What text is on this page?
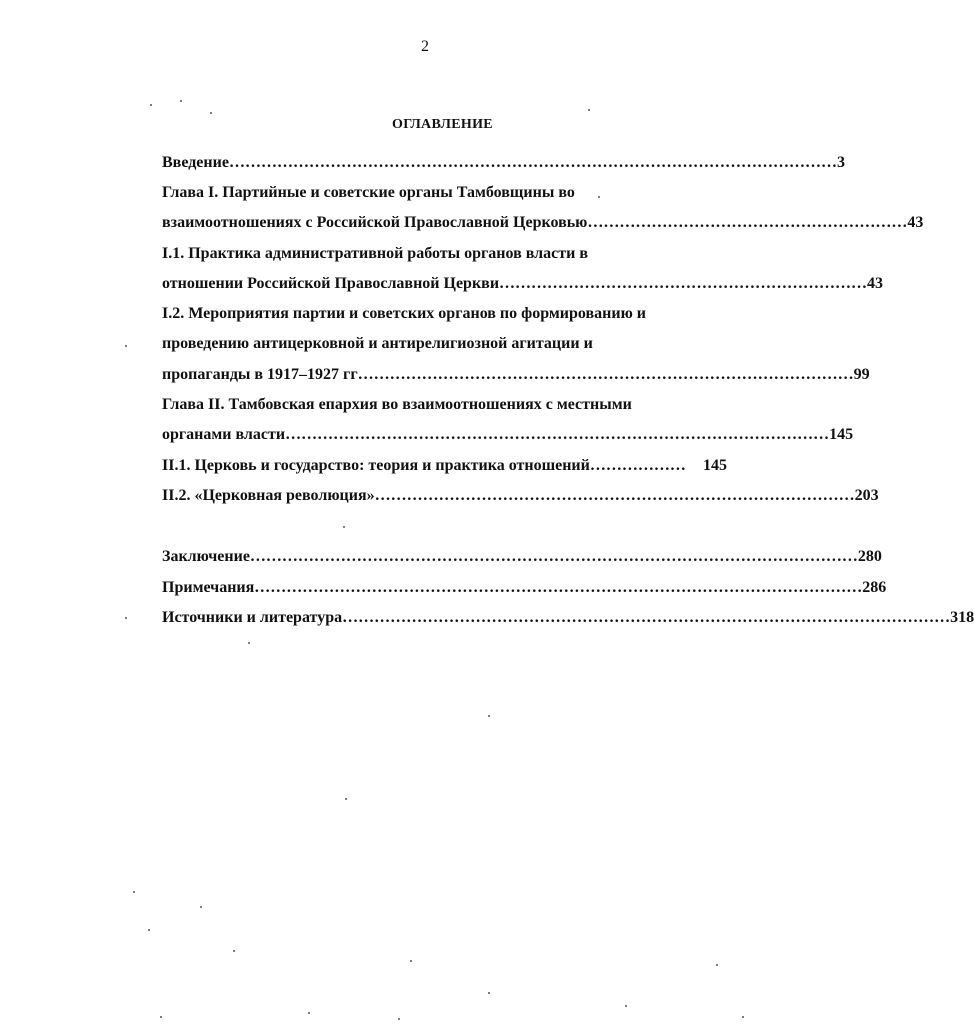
2
ОГЛАВЛЕНИЕ
Введение …………………………………………………………………………………………………… 3
Глава I. Партийные и советские органы Тамбовщины во
взаимоотношениях с Российской Православной Церковью …………………………………………………… 43
I.1. Практика административной работы органов власти в
отношении Российской Православной Церкви …………………………………………………………… 43
I.2. Мероприятия партии и советских органов по формированию и
проведению антицерковной и антирелигиозной агитации и
пропаганды в 1917–1927 гг ………………………………………………………………………………… 99
Глава II. Тамбовская епархия во взаимоотношениях с местными
органами власти ………………………………………………………………………………………… 145
II.1. Церковь и государство: теория и практика отношений ………………	145
II.2. «Церковная революция» ……………………………………………………………………………… 203
Заключение …………………………………………………………………………………………………… 280
Примечания …………………………………………………………………………………………………… 286
Источники и литература …………………………………………………………………………………………………… 318
